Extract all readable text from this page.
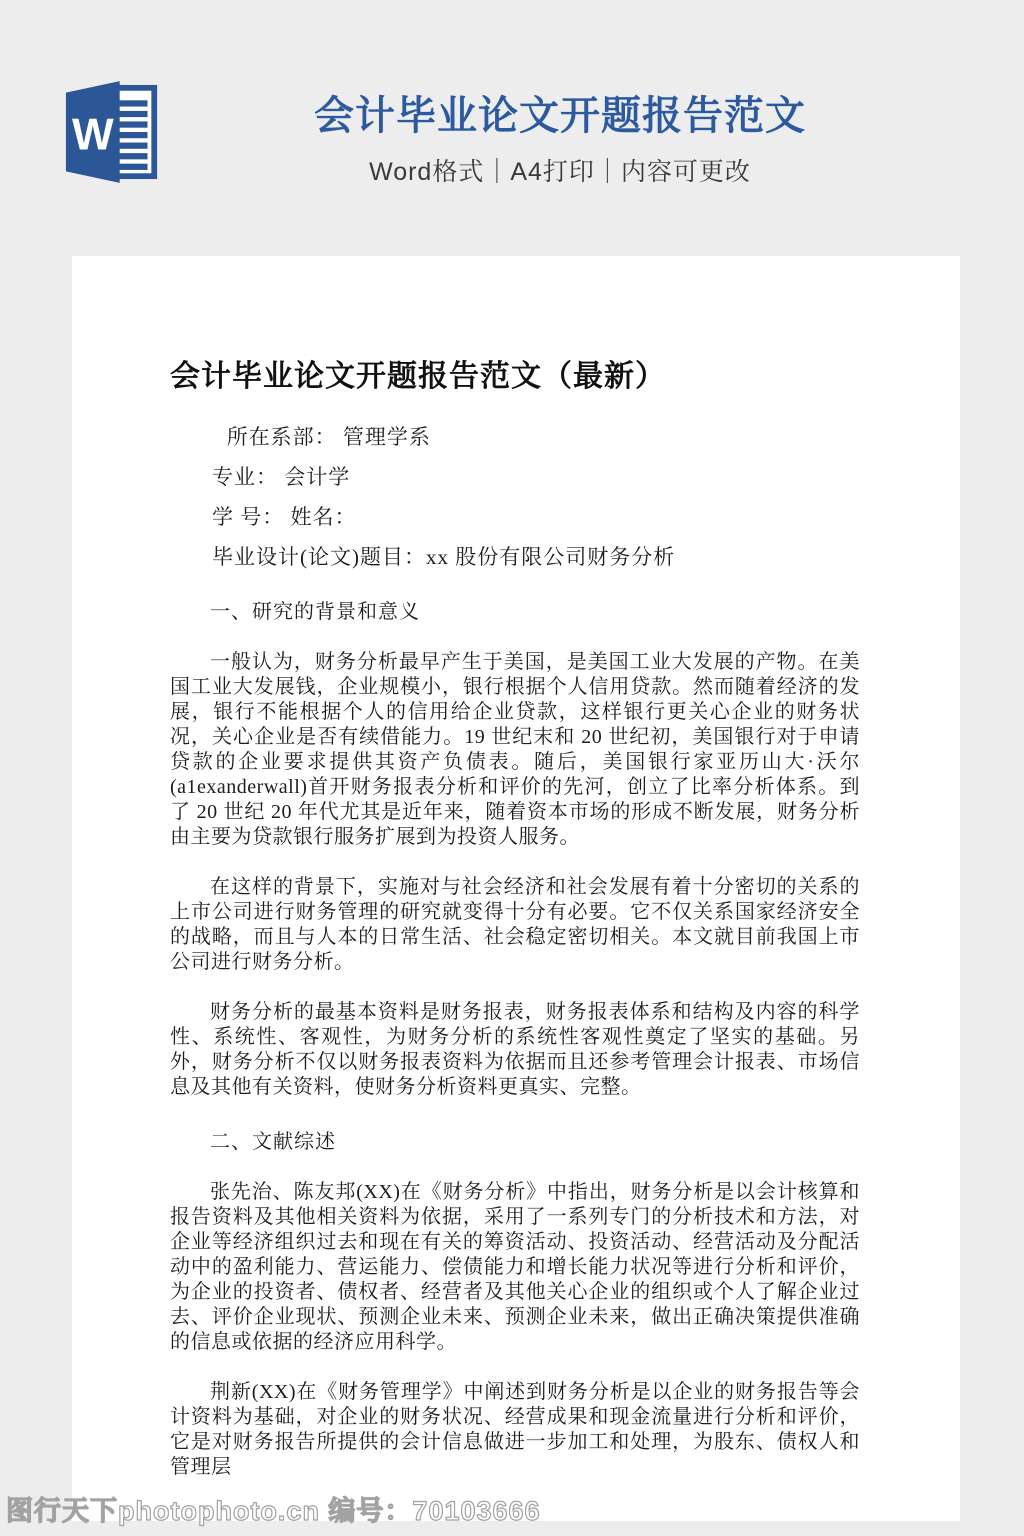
W	会计毕业论文开题报告范文
Word格式｜A4打印｜内容可更改
会计毕业论文开题报告范文（最新）

所在系部： 管理学系

专业： 会计学

学 号： 姓名：

毕业设计(论文)题目：xx 股份有限公司财务分析

一、研究的背景和意义

一般认为，财务分析最早产生于美国，是美国工业大发展的产物。在美国工业大发展钱，企业规模小，银行根据个人信用贷款。然而随着经济的发展，银行不能根据个人的信用给企业贷款，这样银行更关心企业的财务状况，关心企业是否有续借能力。19 世纪末和 20 世纪初，美国银行对于申请贷款的企业要求提供其资产负债表。随后，美国银行家亚历山大·沃尔(a1exanderwall)首开财务报表分析和评价的先河，创立了比率分析体系。到了 20 世纪 20 年代尤其是近年来，随着资本市场的形成不断发展，财务分析由主要为贷款银行服务扩展到为投资人服务。

在这样的背景下，实施对与社会经济和社会发展有着十分密切的关系的上市公司进行财务管理的研究就变得十分有必要。它不仅关系国家经济安全的战略，而且与人本的日常生活、社会稳定密切相关。本文就目前我国上市公司进行财务分析。

财务分析的最基本资料是财务报表，财务报表体系和结构及内容的科学性、系统性、客观性，为财务分析的系统性客观性奠定了坚实的基础。另外，财务分析不仅以财务报表资料为依据而且还参考管理会计报表、市场信息及其他有关资料，使财务分析资料更真实、完整。

二、文献综述

张先治、陈友邦(XX)在《财务分析》中指出，财务分析是以会计核算和报告资料及其他相关资料为依据，采用了一系列专门的分析技术和方法，对企业等经济组织过去和现在有关的筹资活动、投资活动、经营活动及分配活动中的盈利能力、营运能力、偿债能力和增长能力状况等进行分析和评价，为企业的投资者、债权者、经营者及其他关心企业的组织或个人了解企业过去、评价企业现状、预测企业未来、预测企业未来，做出正确决策提供准确的信息或依据的经济应用科学。

荆新(XX)在《财务管理学》中阐述到财务分析是以企业的财务报告等会计资料为基础，对企业的财务状况、经营成果和现金流量进行分析和评价，它是对财务报告所提供的会计信息做进一步加工和处理，为股东、债权人和管理层

图行天下photophoto.cn 编号：70103666
